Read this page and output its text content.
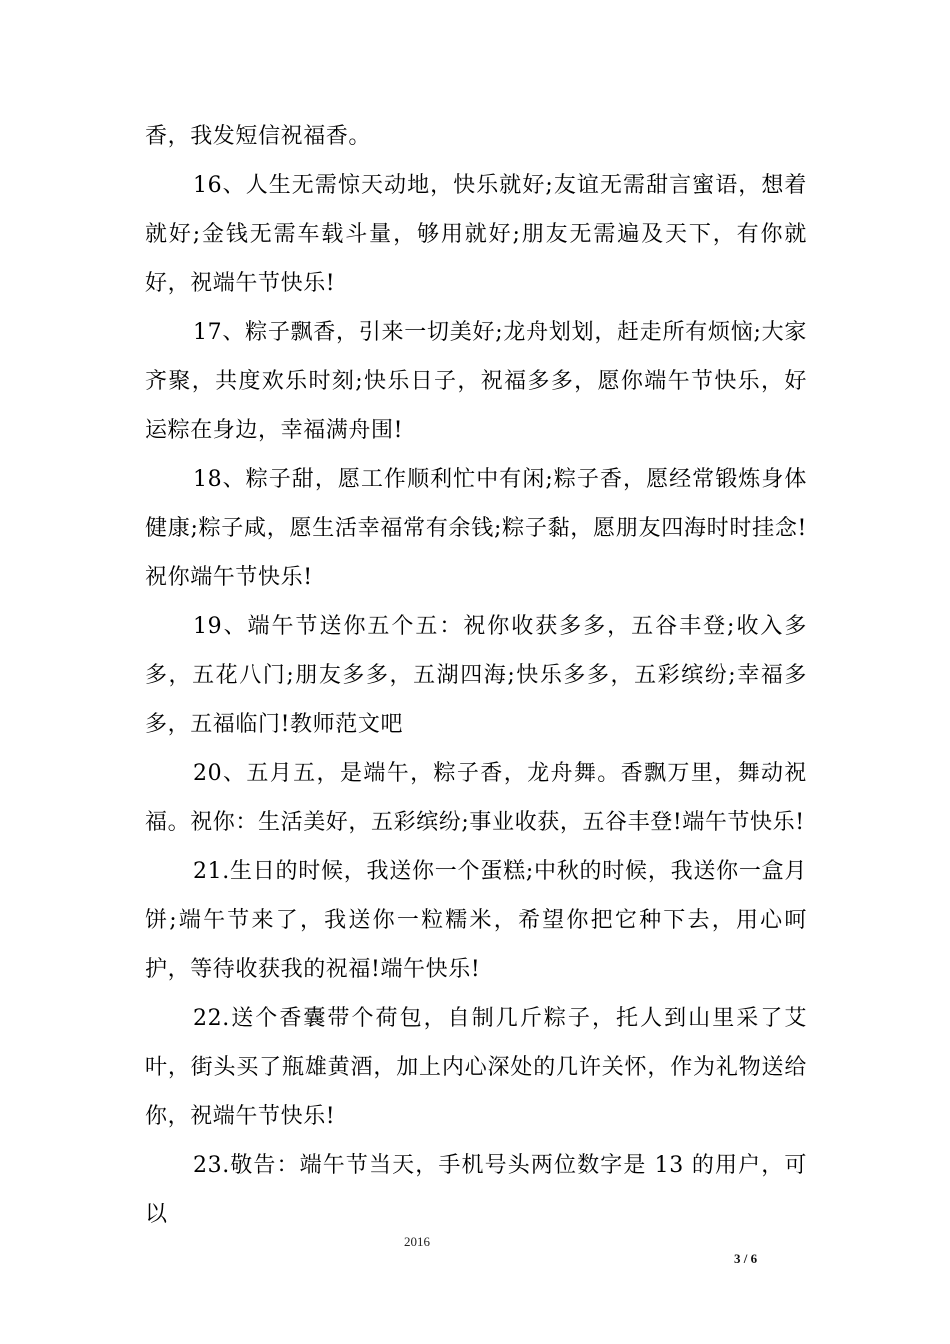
香，我发短信祝福香。

16、人生无需惊天动地，快乐就好;友谊无需甜言蜜语，想着就好;金钱无需车载斗量，够用就好;朋友无需遍及天下，有你就好，祝端午节快乐!

17、粽子飘香，引来一切美好;龙舟划划，赶走所有烦恼;大家齐聚，共度欢乐时刻;快乐日子，祝福多多，愿你端午节快乐，好运粽在身边，幸福满舟围!

18、粽子甜，愿工作顺利忙中有闲;粽子香，愿经常锻炼身体健康;粽子咸，愿生活幸福常有余钱;粽子黏，愿朋友四海时时挂念!祝你端午节快乐!

19、端午节送你五个五：祝你收获多多，五谷丰登;收入多多，五花八门;朋友多多，五湖四海;快乐多多，五彩缤纷;幸福多多，五福临门!教师范文吧

20、五月五，是端午，粽子香，龙舟舞。香飘万里，舞动祝福。祝你：生活美好，五彩缤纷;事业收获，五谷丰登!端午节快乐!

21.生日的时候，我送你一个蛋糕;中秋的时候，我送你一盒月饼;端午节来了，我送你一粒糯米，希望你把它种下去，用心呵护，等待收获我的祝福!端午快乐!

22.送个香囊带个荷包，自制几斤粽子，托人到山里采了艾叶，街头买了瓶雄黄酒，加上内心深处的几许关怀，作为礼物送给你，祝端午节快乐!

23.敬告：端午节当天，手机号头两位数字是 13 的用户，可以

2016
3 / 6
